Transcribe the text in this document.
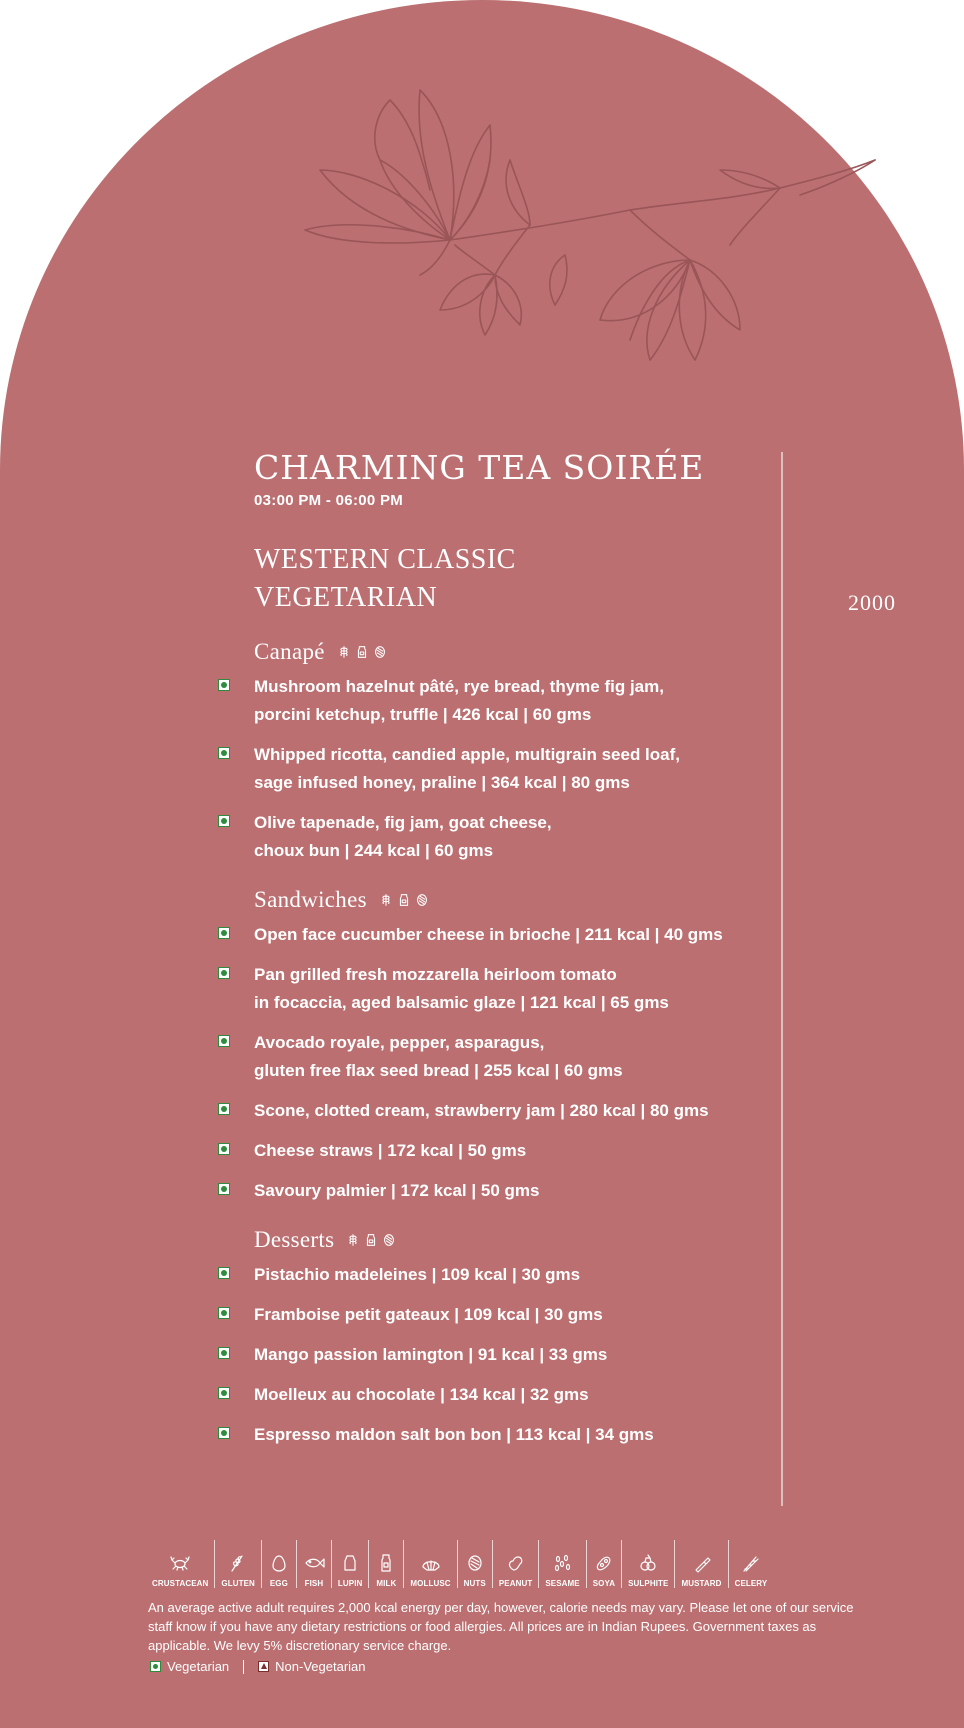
2000
CHARMING TEA SOIRÉE
03:00 PM - 06:00 PM
WESTERN CLASSIC
VEGETARIAN
Canapé
Mushroom hazelnut pâté, rye bread, thyme fig jam,
porcini ketchup, truffle | 426 kcal | 60 gms
Whipped ricotta, candied apple, multigrain seed loaf,
sage infused honey, praline | 364 kcal | 80 gms
Olive tapenade, fig jam, goat cheese,
choux bun | 244 kcal | 60 gms
Sandwiches
Open face cucumber cheese in brioche | 211 kcal | 40 gms
Pan grilled fresh mozzarella heirloom tomato
in focaccia, aged balsamic glaze | 121 kcal | 65 gms
Avocado royale, pepper, asparagus,
gluten free flax seed bread | 255 kcal | 60 gms
Scone, clotted cream, strawberry jam | 280 kcal | 80 gms
Cheese straws | 172 kcal | 50 gms
Savoury palmier | 172 kcal | 50 gms
Desserts
Pistachio madeleines | 109 kcal | 30 gms
Framboise petit gateaux | 109 kcal | 30 gms
Mango passion lamington | 91 kcal | 33 gms
Moelleux au chocolate | 134 kcal | 32 gms
Espresso maldon salt bon bon | 113 kcal | 34 gms
CRUSTACEAN GLUTEN EGG FISH LUPIN MILK MOLLUSC NUTS PEANUT SESAME SOYA SULPHITE MUSTARD CELERY
An average active adult requires 2,000 kcal energy per day, however, calorie needs may vary. Please let one of our service staff know if you have any dietary restrictions or food allergies. All prices are in Indian Rupees. Government taxes as applicable. We levy 5% discretionary service charge.
Vegetarian	Non-Vegetarian
